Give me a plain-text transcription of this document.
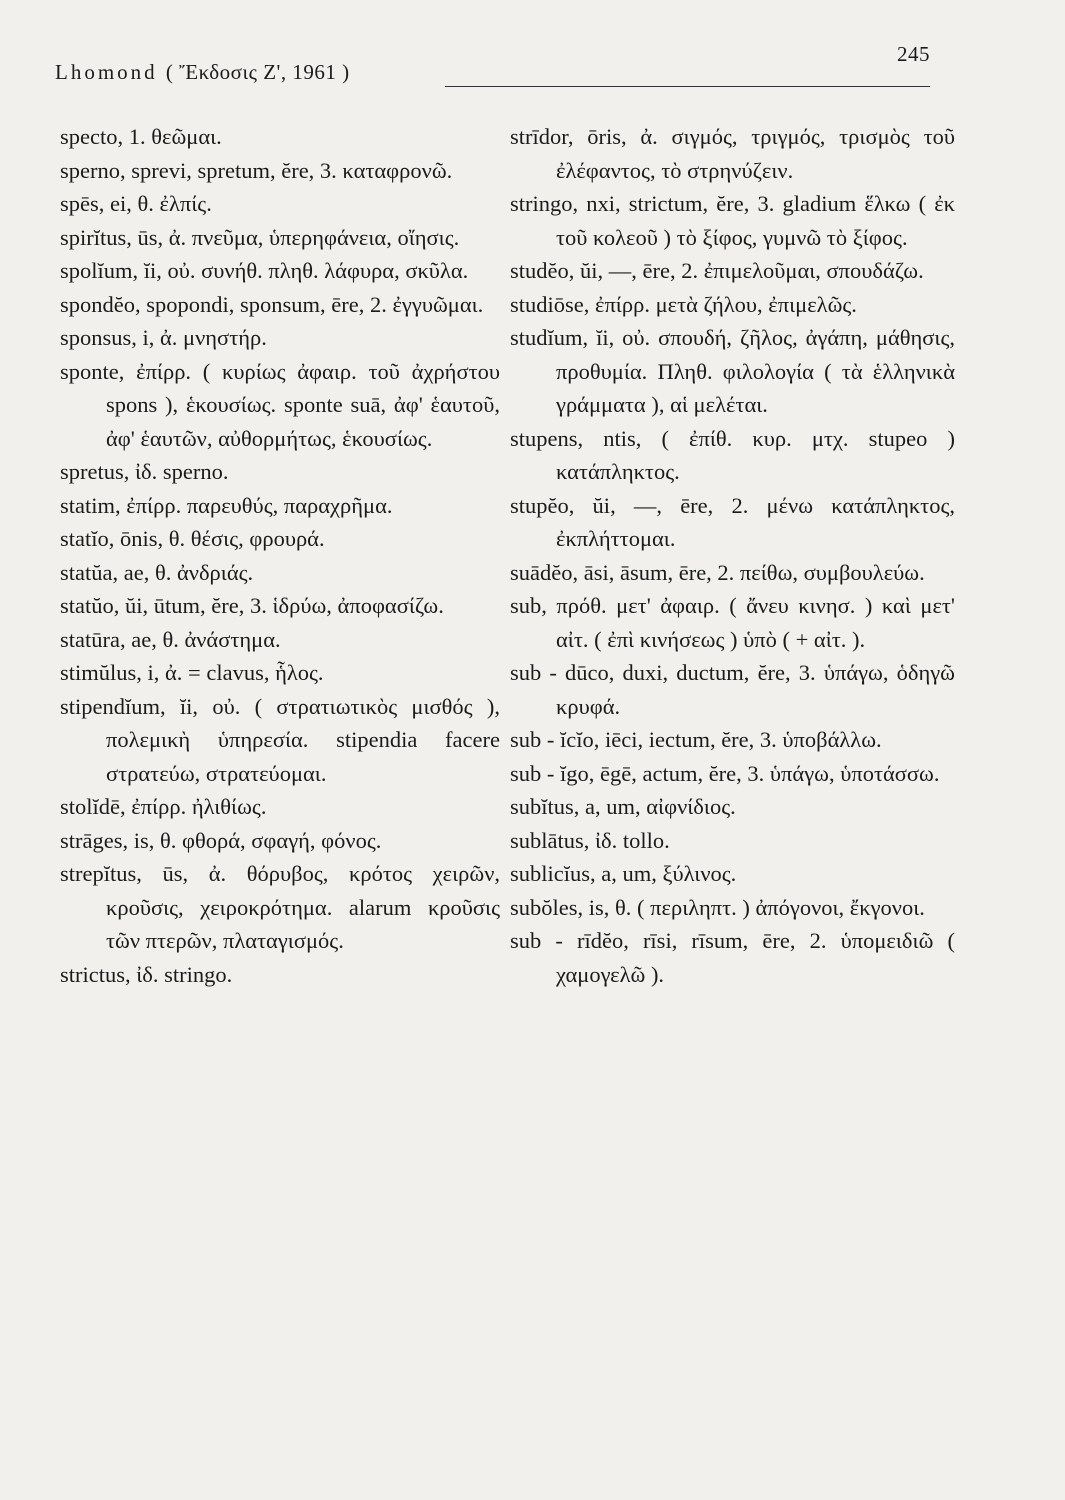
Lhomond ( Ἔκδοσις Ζ', 1961 )
245
specto, 1. θεῶμαι.
sperno, sprevi, spretum, ĕre, 3. καταφρονῶ.
spēs, ei, θ. ἐλπίς.
spirĭtus, ūs, ἀ. πνεῦμα, ὑπερηφάνεια, οἴησις.
spolĭum, ĭi, οὐ. συνήθ. πληθ. λάφυρα, σκῦλα.
spondĕo, spopondi, sponsum, ēre, 2. ἐγγυῶμαι.
sponsus, i, ἀ. μνηστήρ.
sponte, ἐπίρρ. ( κυρίως ἀφαιρ. τοῦ ἀχρήστου spons ), ἑκουσίως. sponte suā, ἀφ' ἑαυτοῦ, ἀφ' ἑαυτῶν, αὐθορμήτως, ἑκουσίως.
spretus, ἰδ. sperno.
statim, ἐπίρρ. παρευθύς, παραχρῆμα.
statĭo, ōnis, θ. θέσις, φρουρά.
statŭa, ae, θ. ἀνδριάς.
statŭo, ŭi, ūtum, ĕre, 3. ἱδρύω, ἀποφασίζω.
statūra, ae, θ. ἀνάστημα.
stimŭlus, i, ἀ. = clavus, ἧλος.
stipendĭum, ĭi, οὐ. ( στρατιωτικὸς μισθός ), πολεμικὴ ὑπηρεσία. stipendia facere στρατεύω, στρατεύομαι.
stolĭdē, ἐπίρρ. ἠλιθίως.
strāges, is, θ. φθορά, σφαγή, φόνος.
strepĭtus, ūs, ἀ. θόρυβος, κρότος χειρῶν, κροῦσις, χειροκρότημα. alarum κροῦσις τῶν πτερῶν, πλαταγισμός.
strictus, ἰδ. stringo.
strīdor, ōris, ἀ. σιγμός, τριγμός, τρισμὸς τοῦ ἐλέφαντος, τὸ στρηνύζειν.
stringo, nxi, strictum, ĕre, 3. gladium ἕλκω ( ἐκ τοῦ κολεοῦ ) τὸ ξίφος, γυμνῶ τὸ ξίφος.
studĕo, ŭi, —, ēre, 2. ἐπιμελοῦμαι, σπουδάζω.
studiōse, ἐπίρρ. μετὰ ζήλου, ἐπιμελῶς.
studĭum, ĭi, οὐ. σπουδή, ζῆλος, ἀγάπη, μάθησις, προθυμία. Πληθ. φιλολογία ( τὰ ἑλληνικὰ γράμματα ), αἱ μελέται.
stupens, ntis, ( ἐπίθ. κυρ. μτχ. stupeo ) κατάπληκτος.
stupĕo, ŭi, —, ēre, 2. μένω κατάπληκτος, ἐκπλήττομαι.
suādĕo, āsi, āsum, ēre, 2. πείθω, συμβουλεύω.
sub, πρόθ. μετ' ἀφαιρ. ( ἄνευ κινησ. ) καὶ μετ' αἰτ. ( ἐπὶ κινήσεως ) ὑπὸ ( + αἰτ. ).
sub - dūco, duxi, ductum, ĕre, 3. ὑπάγω, ὁδηγῶ κρυφά.
sub - ĭcĭo, iēci, iectum, ĕre, 3. ὑποβάλλω.
sub - ĭgo, ēgē, actum, ĕre, 3. ὑπάγω, ὑποτάσσω.
subĭtus, a, um, αἰφνίδιος.
sublātus, ἰδ. tollo.
sublicĭus, a, um, ξύλινος.
subŏles, is, θ. ( περιληπτ. ) ἀπόγονοι, ἔκγονοι.
sub - rīdĕo, rīsi, rīsum, ēre, 2. ὑπομειδιῶ ( χαμογελῶ ).
